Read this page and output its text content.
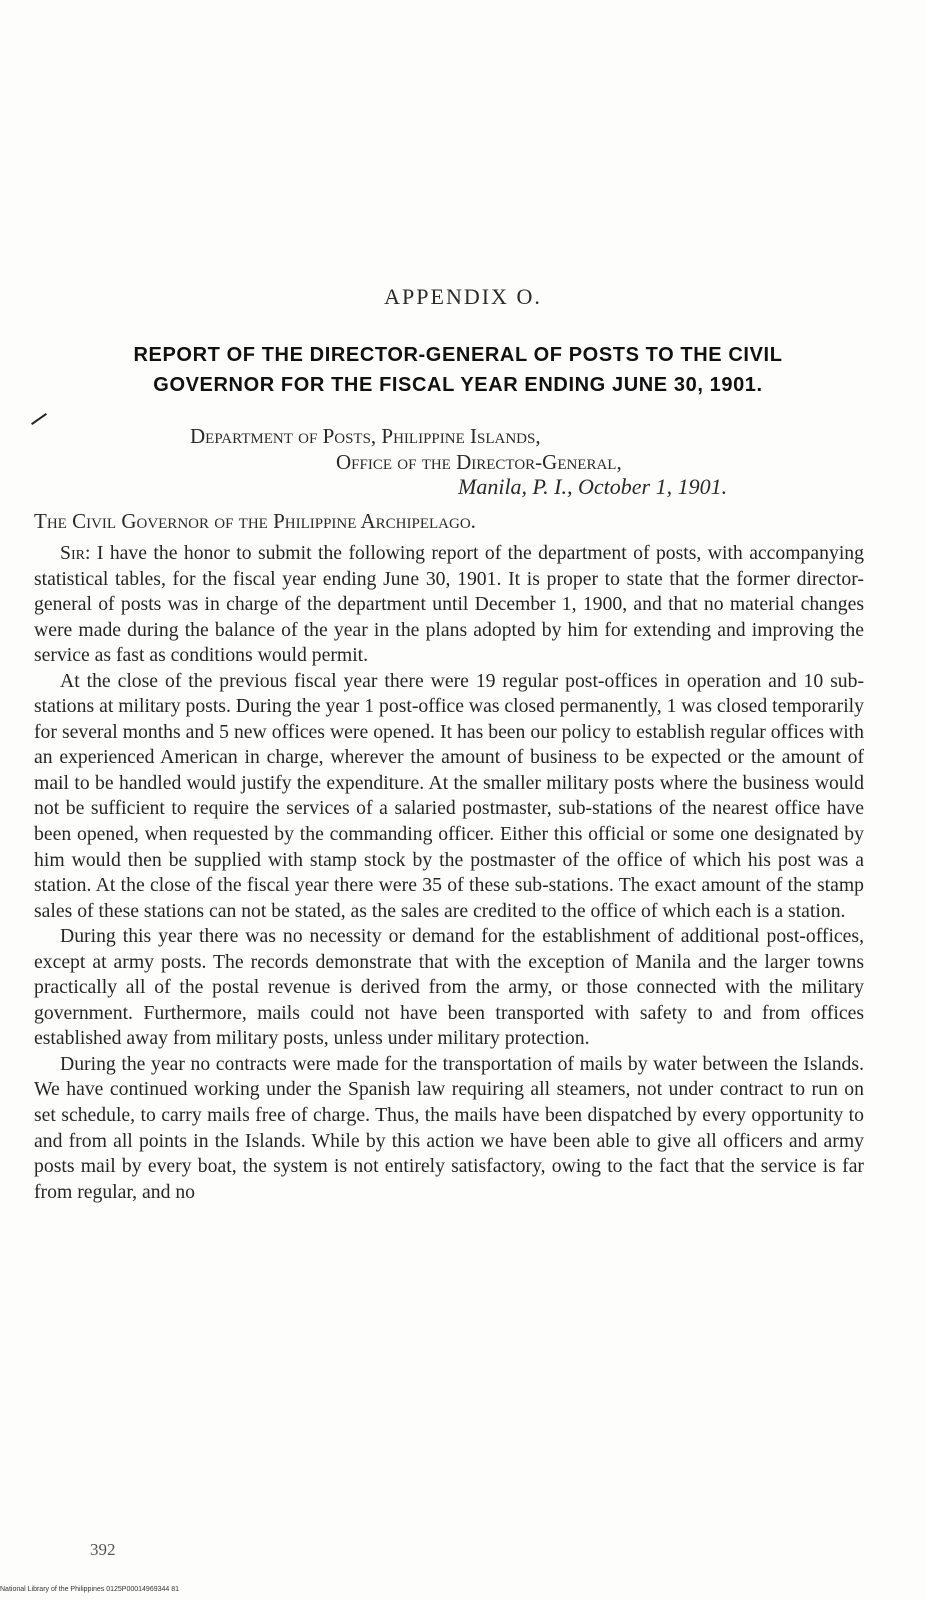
APPENDIX O.
REPORT OF THE DIRECTOR-GENERAL OF POSTS TO THE CIVIL
GOVERNOR FOR THE FISCAL YEAR ENDING JUNE 30, 1901.
Department of Posts, Philippine Islands,
Office of the Director-General,
Manila, P. I., October 1, 1901.
The Civil Governor of the Philippine Archipelago.

Sir: I have the honor to submit the following report of the department of posts, with accompanying statistical tables, for the fiscal year ending June 30, 1901. It is proper to state that the former director-general of posts was in charge of the department until December 1, 1900, and that no material changes were made during the balance of the year in the plans adopted by him for extending and improving the service as fast as conditions would permit.

At the close of the previous fiscal year there were 19 regular post-offices in operation and 10 sub-stations at military posts. During the year 1 post-office was closed permanently, 1 was closed temporarily for several months and 5 new offices were opened. It has been our policy to establish regular offices with an experienced American in charge, wherever the amount of business to be expected or the amount of mail to be handled would justify the expenditure. At the smaller military posts where the business would not be sufficient to require the services of a salaried postmaster, sub-stations of the nearest office have been opened, when requested by the commanding officer. Either this official or some one designated by him would then be supplied with stamp stock by the postmaster of the office of which his post was a station. At the close of the fiscal year there were 35 of these sub-stations. The exact amount of the stamp sales of these stations can not be stated, as the sales are credited to the office of which each is a station.

During this year there was no necessity or demand for the establishment of additional post-offices, except at army posts. The records demonstrate that with the exception of Manila and the larger towns practically all of the postal revenue is derived from the army, or those connected with the military government. Furthermore, mails could not have been transported with safety to and from offices established away from military posts, unless under military protection.

During the year no contracts were made for the transportation of mails by water between the Islands. We have continued working under the Spanish law requiring all steamers, not under contract to run on set schedule, to carry mails free of charge. Thus, the mails have been dispatched by every opportunity to and from all points in the Islands. While by this action we have been able to give all officers and army posts mail by every boat, the system is not entirely satisfactory, owing to the fact that the service is far from regular, and no

392
National Library of the Philippines 0125P00014969344 81
